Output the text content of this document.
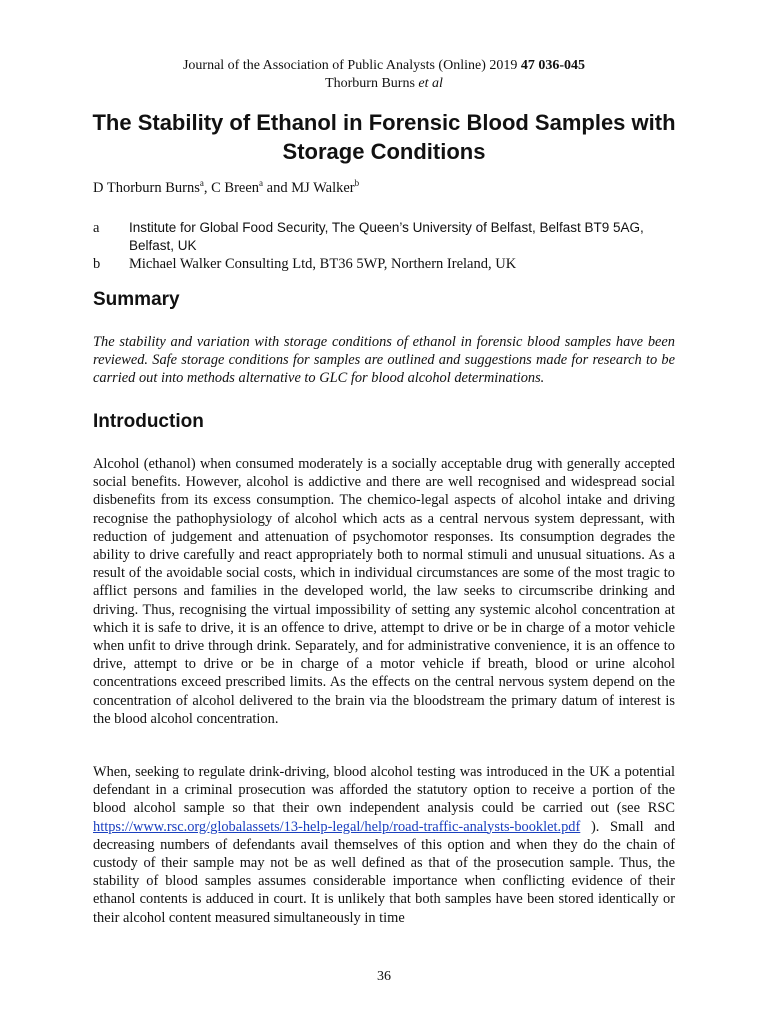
Journal of the Association of Public Analysts (Online) 2019 47 036-045
Thorburn Burns et al
The Stability of Ethanol in Forensic Blood Samples with Storage Conditions
D Thorburn Burns$^a$, C Breen$^a$ and MJ Walker$^b$
a Institute for Global Food Security, The Queen’s University of Belfast, Belfast BT9 5AG, Belfast, UK
b Michael Walker Consulting Ltd, BT36 5WP, Northern Ireland, UK
Summary
The stability and variation with storage conditions of ethanol in forensic blood samples have been reviewed. Safe storage conditions for samples are outlined and suggestions made for research to be carried out into methods alternative to GLC for blood alcohol determinations.
Introduction
Alcohol (ethanol) when consumed moderately is a socially acceptable drug with generally accepted social benefits. However, alcohol is addictive and there are well recognised and widespread social disbenefits from its excess consumption. The chemico-legal aspects of alcohol intake and driving recognise the pathophysiology of alcohol which acts as a central nervous system depressant, with reduction of judgement and attenuation of psychomotor responses. Its consumption degrades the ability to drive carefully and react appropriately both to normal stimuli and unusual situations. As a result of the avoidable social costs, which in individual circumstances are some of the most tragic to afflict persons and families in the developed world, the law seeks to circumscribe drinking and driving. Thus, recognising the virtual impossibility of setting any systemic alcohol concentration at which it is safe to drive, it is an offence to drive, attempt to drive or be in charge of a motor vehicle when unfit to drive through drink. Separately, and for administrative convenience, it is an offence to drive, attempt to drive or be in charge of a motor vehicle if breath, blood or urine alcohol concentrations exceed prescribed limits. As the effects on the central nervous system depend on the concentration of alcohol delivered to the brain via the bloodstream the primary datum of interest is the blood alcohol concentration.
When, seeking to regulate drink-driving, blood alcohol testing was introduced in the UK a potential defendant in a criminal prosecution was afforded the statutory option to receive a portion of the blood alcohol sample so that their own independent analysis could be carried out (see RSC https://www.rsc.org/globalassets/13-help-legal/help/road-traffic-analysts-booklet.pdf ). Small and decreasing numbers of defendants avail themselves of this option and when they do the chain of custody of their sample may not be as well defined as that of the prosecution sample. Thus, the stability of blood samples assumes considerable importance when conflicting evidence of their ethanol contents is adduced in court. It is unlikely that both samples have been stored identically or their alcohol content measured simultaneously in time
36
